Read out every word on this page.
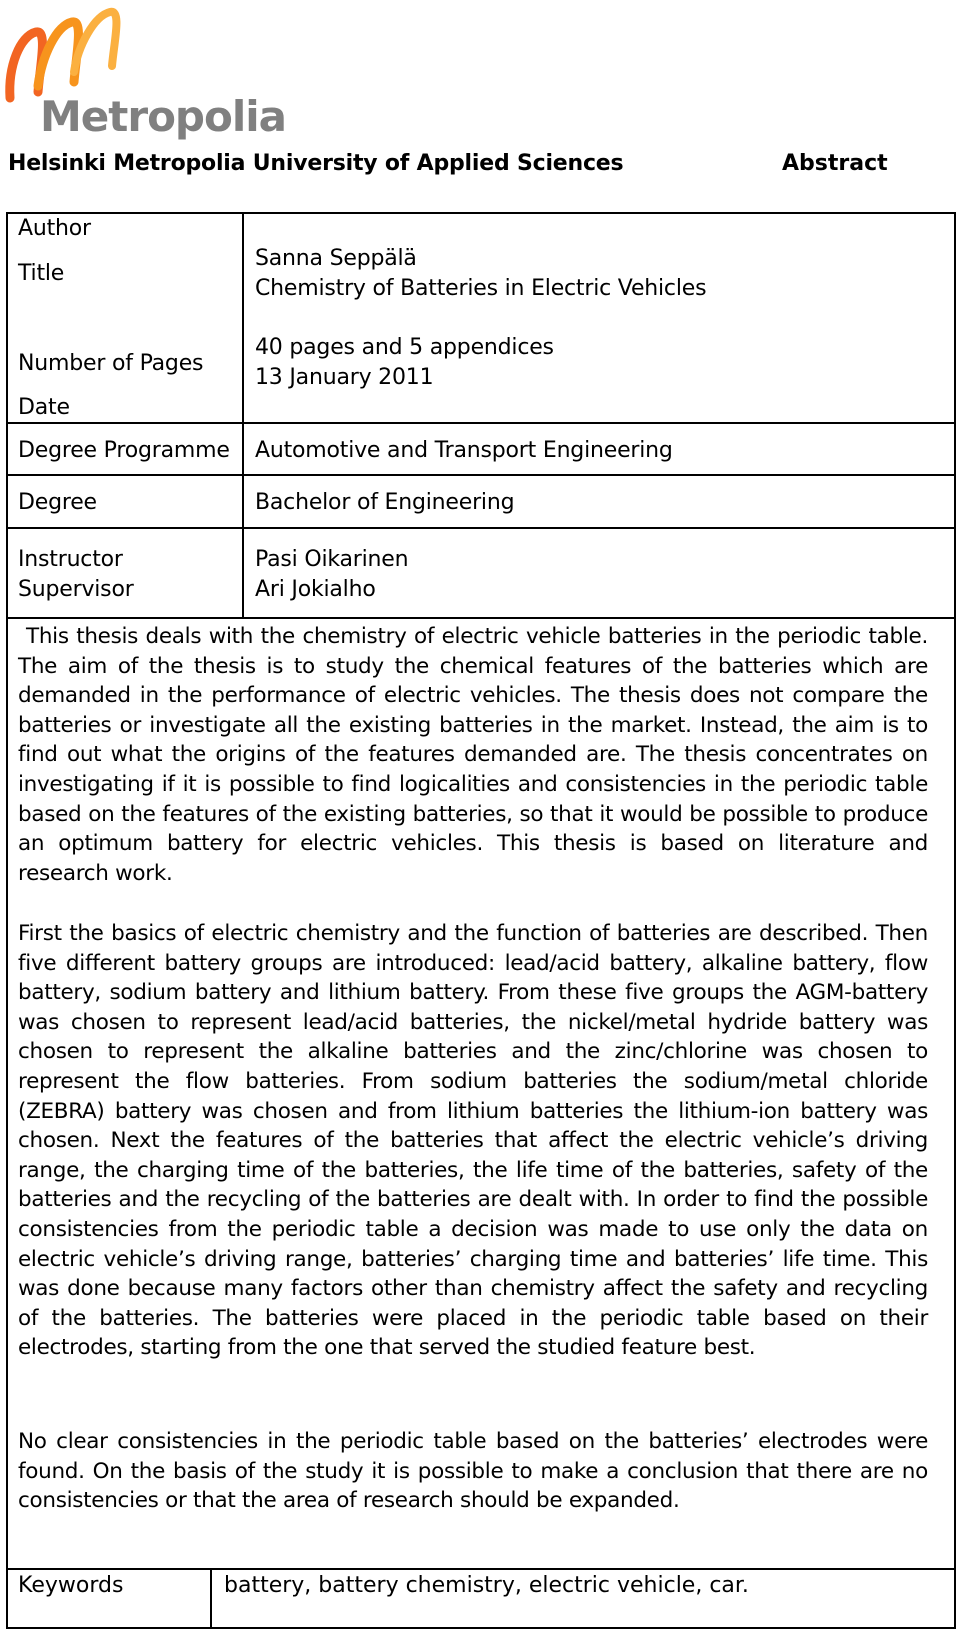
Metropolia
Helsinki Metropolia University of Applied Sciences	Abstract
Author
Title
Number of Pages
Date
Degree Programme
Degree
Instructor
Supervisor
Sanna Seppälä
Chemistry of Batteries in Electric Vehicles
40 pages and 5 appendices
13 January 2011
Automotive and Transport Engineering
Bachelor of Engineering
Pasi Oikarinen
Ari Jokialho

This thesis deals with the chemistry of electric vehicle batteries in the periodic table. The aim of the thesis is to study the chemical features of the batteries which are demanded in the performance of electric vehicles. The thesis does not compare the batteries or investigate all the existing batteries in the market. Instead, the aim is to find out what the origins of the features demanded are. The thesis concentrates on investigating if it is possible to find logicalities and consistencies in the periodic table based on the features of the existing batteries, so that it would be possible to produce an optimum battery for electric vehicles. This thesis is based on literature and research work.

First the basics of electric chemistry and the function of batteries are described. Then five different battery groups are introduced: lead/acid battery, alkaline battery, flow battery, sodium battery and lithium battery. From these five groups the AGM-battery was chosen to represent lead/acid batteries, the nickel/metal hydride battery was chosen to represent the alkaline batteries and the zinc/chlorine was chosen to represent the flow batteries. From sodium batteries the sodium/metal chloride (ZEBRA) battery was chosen and from lithium batteries the lithium-ion battery was chosen. Next the features of the batteries that affect the electric vehicle’s driving range, the charging time of the batteries, the life time of the batteries, safety of the batteries and the recycling of the batteries are dealt with. In order to find the possible consistencies from the periodic table a decision was made to use only the data on electric vehicle’s driving range, batteries’ charging time and batteries’ life time. This was done because many factors other than chemistry affect the safety and recycling of the batteries. The batteries were placed in the periodic table based on their electrodes, starting from the one that served the studied feature best.

No clear consistencies in the periodic table based on the batteries’ electrodes were found. On the basis of the study it is possible to make a conclusion that there are no consistencies or that the area of research should be expanded.

Keywords	battery, battery chemistry, electric vehicle, car.
